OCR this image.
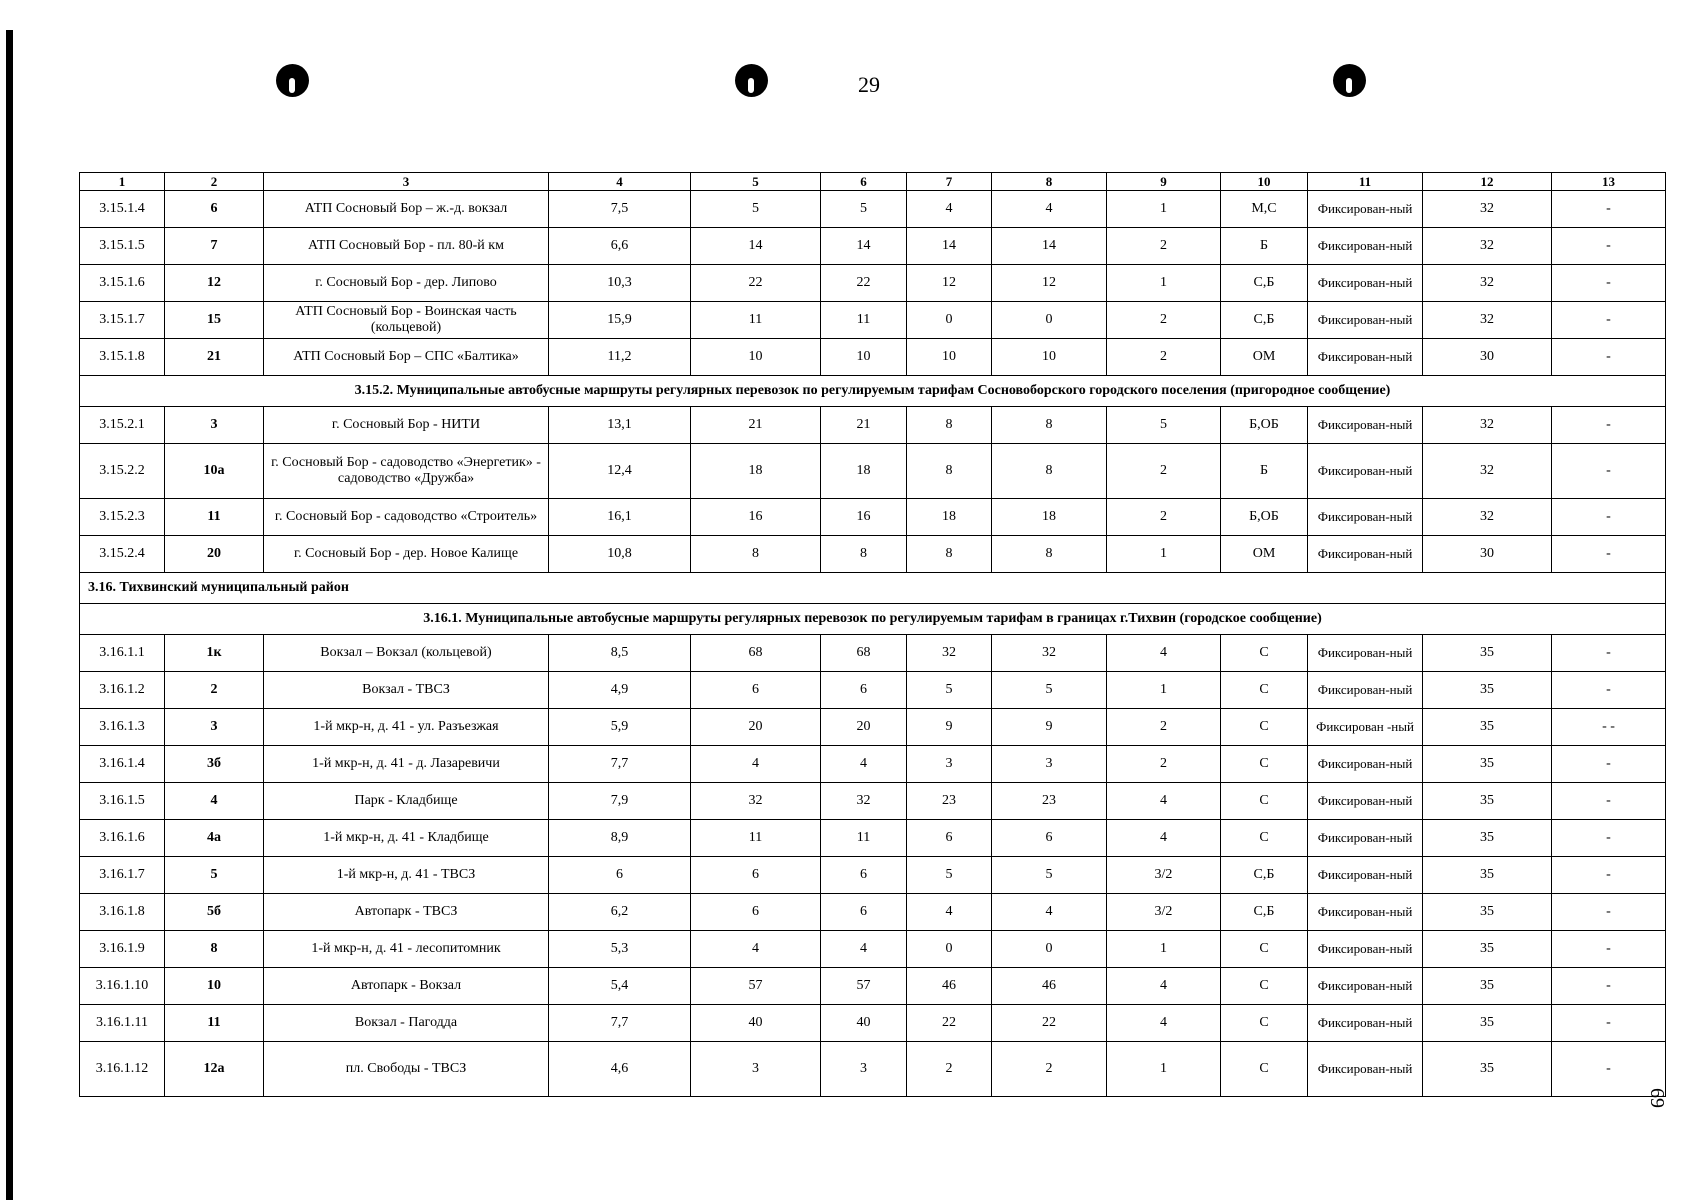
29
69
1	2	3	4	5	6	7	8	9	10	11	12	13
3.15.1.4	6	АТП Сосновый Бор – ж.-д. вокзал	7,5	5	5	4	4	1	М,С	Фиксирован-ный	32	-
3.15.1.5	7	АТП Сосновый Бор - пл. 80-й км	6,6	14	14	14	14	2	Б	Фиксирован-ный	32	-
3.15.1.6	12	г. Сосновый Бор - дер. Липово	10,3	22	22	12	12	1	С,Б	Фиксирован-ный	32	-
3.15.1.7	15	АТП Сосновый Бор - Воинская часть (кольцевой)	15,9	11	11	0	0	2	С,Б	Фиксирован-ный	32	-
3.15.1.8	21	АТП Сосновый Бор – СПС «Балтика»	11,2	10	10	10	10	2	ОМ	Фиксирован-ный	30	-
3.15.2. Муниципальные автобусные маршруты регулярных перевозок по регулируемым тарифам Сосновоборского городского поселения (пригородное сообщение)												
3.15.2.1	3	г. Сосновый Бор - НИТИ	13,1	21	21	8	8	5	Б,ОБ	Фиксирован-ный	32	-
3.15.2.2	10а	г. Сосновый Бор - садоводство «Энергетик» - садоводство «Дружба»	12,4	18	18	8	8	2	Б	Фиксирован-ный	32	-
3.15.2.3	11	г. Сосновый Бор - садоводство «Строитель»	16,1	16	16	18	18	2	Б,ОБ	Фиксирован-ный	32	-
3.15.2.4	20	г. Сосновый Бор - дер. Новое Калище	10,8	8	8	8	8	1	ОМ	Фиксирован-ный	30	-
3.16. Тихвинский муниципальный район												
3.16.1. Муниципальные автобусные маршруты регулярных перевозок по регулируемым тарифам в границах г.Тихвин (городское сообщение)												
3.16.1.1	1к	Вокзал – Вокзал (кольцевой)	8,5	68	68	32	32	4	С	Фиксирован-ный	35	-
3.16.1.2	2	Вокзал - ТВСЗ	4,9	6	6	5	5	1	С	Фиксирован-ный	35	-
3.16.1.3	3	1-й мкр-н, д. 41 - ул. Разъезжая	5,9	20	20	9	9	2	С	Фиксирован -ный	35	- -
3.16.1.4	3б	1-й мкр-н, д. 41 - д. Лазаревичи	7,7	4	4	3	3	2	С	Фиксирован-ный	35	-
3.16.1.5	4	Парк - Кладбище	7,9	32	32	23	23	4	С	Фиксирован-ный	35	-
3.16.1.6	4а	1-й мкр-н, д. 41 - Кладбище	8,9	11	11	6	6	4	С	Фиксирован-ный	35	-
3.16.1.7	5	1-й мкр-н, д. 41 - ТВСЗ	6	6	6	5	5	3/2	С,Б	Фиксирован-ный	35	-
3.16.1.8	5б	Автопарк - ТВСЗ	6,2	6	6	4	4	3/2	С,Б	Фиксирован-ный	35	-
3.16.1.9	8	1-й мкр-н, д. 41 - лесопитомник	5,3	4	4	0	0	1	С	Фиксирован-ный	35	-
3.16.1.10	10	Автопарк - Вокзал	5,4	57	57	46	46	4	С	Фиксирован-ный	35	-
3.16.1.11	11	Вокзал - Пагодда	7,7	40	40	22	22	4	С	Фиксирован-ный	35	-
3.16.1.12	12а	пл. Свободы - ТВСЗ	4,6	3	3	2	2	1	С	Фиксирован-ный	35	-
